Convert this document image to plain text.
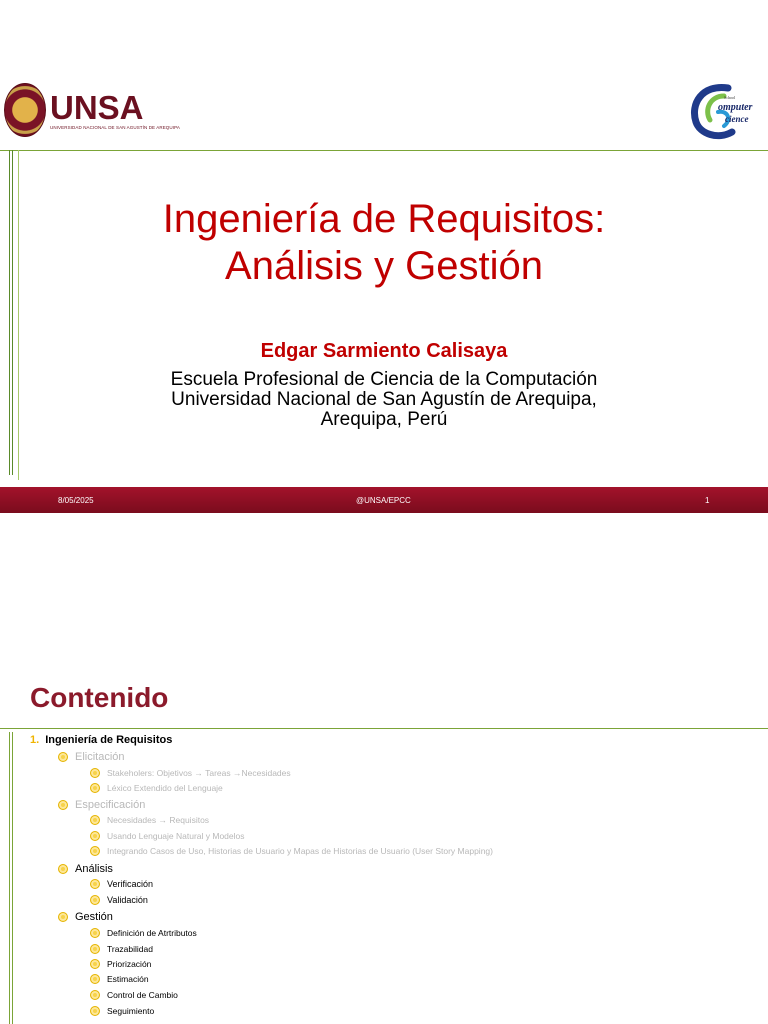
UNSA
UNIVERSIDAD NACIONAL DE SAN AGUSTÍN DE AREQUIPA
School
omputer
cience
Ingeniería de Requisitos:
Análisis y Gestión
Edgar Sarmiento Calisaya
Escuela Profesional de Ciencia de la Computación
Universidad Nacional de San Agustín de Arequipa,
Arequipa, Perú
8/05/2025	@UNSA/EPCC	1
Contenido
1. Ingeniería de Requisitos
Elicitación
Stakeholers: Objetivos → Tareas →Necesidades
Léxico Extendido del Lenguaje
Especificación
Necesidades → Requisitos
Usando Lenguaje Natural y Modelos
Integrando Casos de Uso, Historias de Usuario y Mapas de Historias de Usuario (User Story Mapping)
Análisis
Verificación
Validación
Gestión
Definición de Atrtributos
Trazabilidad
Priorización
Estimación
Control de Cambio
Seguimiento
